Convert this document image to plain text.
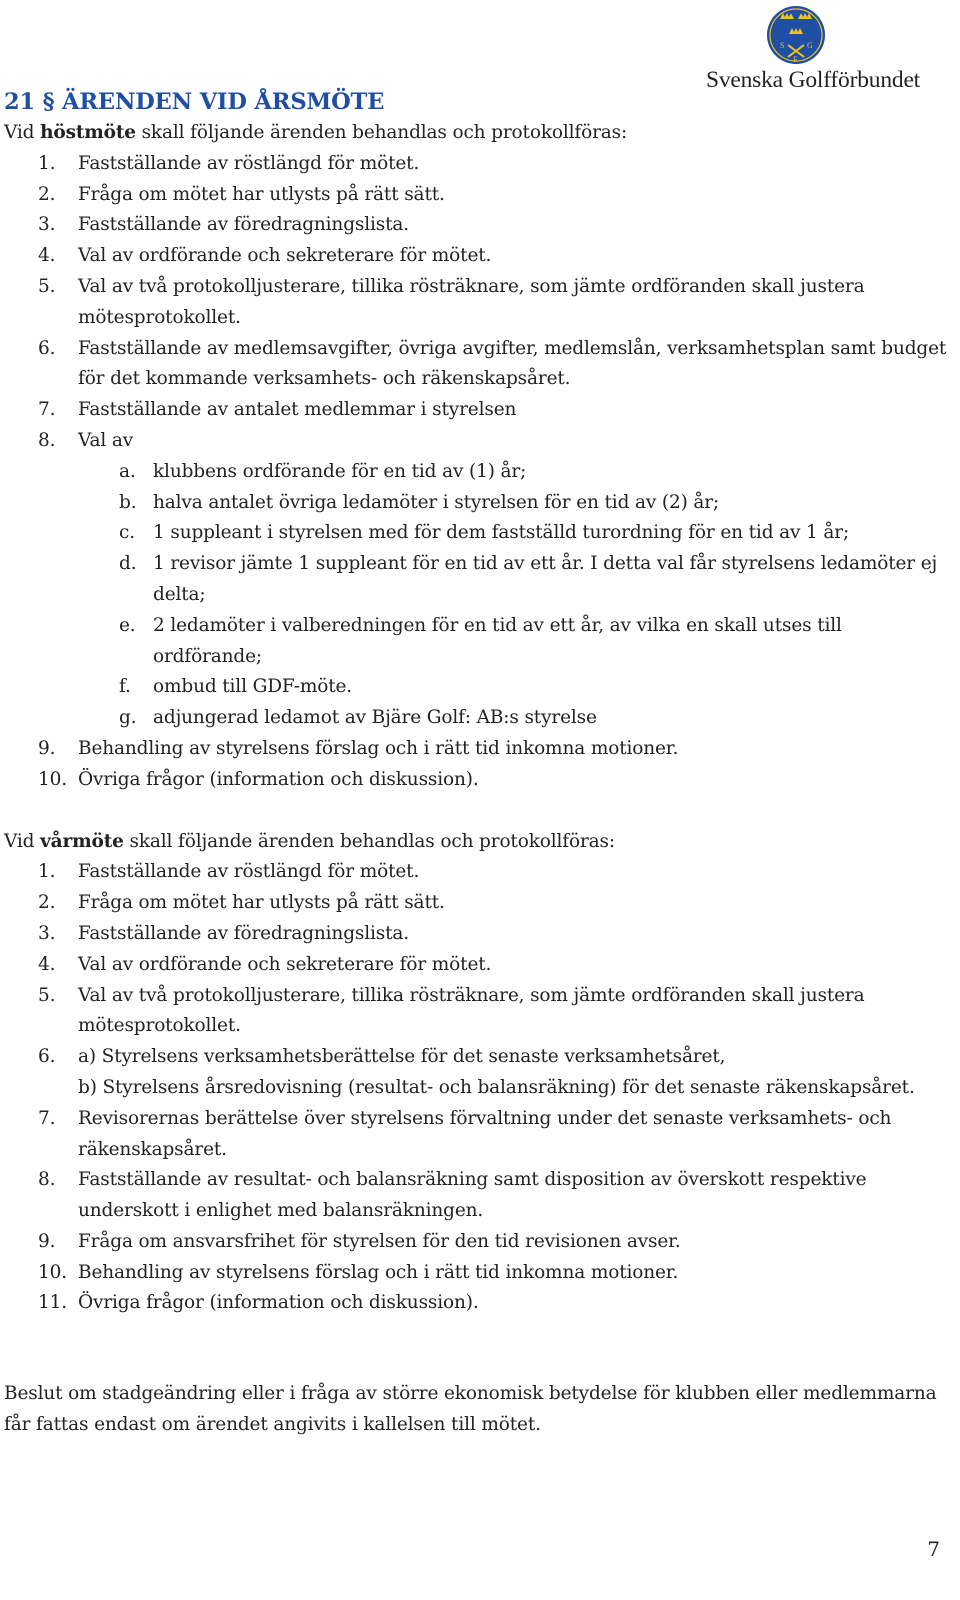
S	G
F
Svenska Golfförbundet
21 § ÄRENDEN VID ÅRSMÖTE

Vid höstmöte skall följande ärenden behandlas och protokollföras:

1.	Fastställande av röstlängd för mötet.
2.	Fråga om mötet har utlysts på rätt sätt.
3.	Fastställande av föredragningslista.
4.	Val av ordförande och sekreterare för mötet.
5.	Val av två protokolljusterare, tillika rösträknare, som jämte ordföranden skall justera mötesprotokollet.
6.	Fastställande av medlemsavgifter, övriga avgifter, medlemslån, verksamhetsplan samt budget för det kommande verksamhets- och räkenskapsåret.
7.	Fastställande av antalet medlemmar i styrelsen
8.	Val av
a. klubbens ordförande för en tid av (1) år;
b. halva antalet övriga ledamöter i styrelsen för en tid av (2) år;
c. 1 suppleant i styrelsen med för dem fastställd turordning för en tid av 1 år;
d. 1 revisor jämte 1 suppleant för en tid av ett år. I detta val får styrelsens ledamöter ej delta;
e. 2 ledamöter i valberedningen för en tid av ett år, av vilka en skall utses till ordförande;
f. ombud till GDF-möte.
g. adjungerad ledamot av Bjäre Golf: AB:s styrelse
9.	Behandling av styrelsens förslag och i rätt tid inkomna motioner.
10. Övriga frågor (information och diskussion).

Vid vårmöte skall följande ärenden behandlas och protokollföras:

1.	Fastställande av röstlängd för mötet.
2.	Fråga om mötet har utlysts på rätt sätt.
3.	Fastställande av föredragningslista.
4.	Val av ordförande och sekreterare för mötet.
5.	Val av två protokolljusterare, tillika rösträknare, som jämte ordföranden skall justera mötesprotokollet.
6.	a) Styrelsens verksamhetsberättelse för det senaste verksamhetsåret,
b) Styrelsens årsredovisning (resultat- och balansräkning) för det senaste räkenskapsåret.
7.	Revisorernas berättelse över styrelsens förvaltning under det senaste verksamhets- och räkenskapsåret.
8.	Fastställande av resultat- och balansräkning samt disposition av överskott respektive underskott i enlighet med balansräkningen.
9.	Fråga om ansvarsfrihet för styrelsen för den tid revisionen avser.
10. Behandling av styrelsens förslag och i rätt tid inkomna motioner.
11. Övriga frågor (information och diskussion).

Beslut om stadgeändring eller i fråga av större ekonomisk betydelse för klubben eller medlemmarna får fattas endast om ärendet angivits i kallelsen till mötet.

7
